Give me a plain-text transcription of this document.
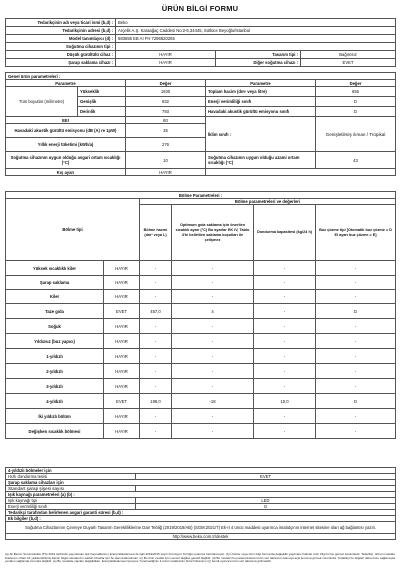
ÜRÜN BİLGİ FORMU
Tedarikçinin adı veya ticari ismi (b,d) :	Beko		
Tedarikçinin adresi (b,d) :	Arçelik A.Ş. Karaağaç Caddesi No:2-6,34445, Sütlüce Beyoğlu/İstanbul		
Model tanımlayıcı (d) :	683655 EB AI FH 7296620265		
Soğutma cihazının tipi :			
Düşük gürültülü cihaz :	HAYIR	Tasarım tipi :	Bağımsız
Şarap saklama cihazı :	HAYIR	Diğer soğutma cihazı :	EVET
Genel ürün parametreleri :				
Parametre		Değer	Parametre	Değer
Tüm boyutlar (milimetre)	Yükseklik	1930	Toplam hacim (dm³ veya litre)	655
	Genişlik	832	Enerji verimliliği sınıfı	D
	Derinlik	793	Havadaki akustik gürültü emisyonu sınıfı	D
EEI		80	İklim sınıfı :	Genişletilmiş ılıman / Tropikal
Havadaki akustik gürültü emisyonu (dB (A) re 1pW)		35		
Yıllık enerji tüketimi (kWh/a)		276		
Soğutma cihazının uygun olduğu asgari ortam sıcaklığı (°C)		10	Soğutma cihazının uygun olduğu azami ortam sıcaklığı (°C)	43
Kış ayarı		HAYIR		
Bölme Parametreleri :					
Bölme tipi		Bölme parametreleri ve değerleri			
		Bölme hacmi (dm³ veya L)	Optimum gıda saklama için önerilen sıcaklık ayarı (°C) Bu ayarlar EK IV, Tablo 3'te belirtilen saklama koşulları ile çelişmez	Dondurma kapasitesi (kg/24 h)	Buz çözme tipi [Otomatik buz çözme = D El ayarı buz çözme = E]
Yüksek sıcaklıklı kiler	HAYIR	-	-	-	-
Şarap saklama	HAYIR	-	-	-	-
Kiler	HAYIR	-	-	-	-
Taze gıda	EVET	457,0	4	-	D
Soğuk	HAYIR	-	-	-	-
Yıldızsız (buz yapıcı)	HAYIR	-	-	-	-
1-yıldızlı	HAYIR	-	-	-	-
2-yıldızlı	HAYIR	-	-	-	-
3-yıldızlı	HAYIR	-	-	-	-
4-yıldızlı	EVET	198,0	-18	10,0	D
İki yıldızlı bölüm	HAYIR	-	-	-	-
Değişken sıcaklık bölmesi	HAYIR	-	-	-	-
4-yıldızlı bölmeler için	
Hızlı dondurma tesisi	EVET
Şarap saklama cihazları için	
Standart şarap şişesi sayısı	
Işık kaynağı parametreleri (a) (b) :	
Işık kaynağı tipi	LED
Enerji verimliliği sınıfı	G
Tedarikçi tarafından belirlenen asgari garanti süresi (b,d) :	
Ek bilgiler (b,d) :	
Soğutma Cihazlarının Çevreye Duyarlı Tasarım Gerekliliklerine Dair Tebliğ (2019/2019/AB) (SGM:2021/7) Ek-II 4 üncü maddesi uyarınca imalatçının internet sitesine olan ağ bağlantısı yazılı.	
http://www.beko.com.tr/destek	
(a) Ali Benim Sorumlulukta (TS) 2019 tarihinde yayımlanan İşık Kaynaklarının Enerji Etiketlemesi ile ilgili 2019/2015 sayılı Komisyon Tüzüğü uyarınca hazırlanmıştır. (b) Ürünler veya ürün bilgi formunda değişiklik yapılması halinde ürün bilgi formu güncel tutulmalıdır. Tedarikçi, ürünü modelde listelenen cihazı bir yetkilendirilmiş kişinin bilgisi olmaksızın satılan cihazlar için bu alan doldurulmaz. (c) Bu ürün modeli için mevcut değilse gerekli değildir. (d) Bu modelin bu parametrelerini ürün veri tabanının kamuya açık kısmına girmek zorunludur. Tedarikçi bu bilgileri daha önce sağlamışsa yeniden sağlamak zorunda değildir. (e) Bu modelde yapılan değişiklikler, Enerji Etiketlemesi Çerçeve Yönetmeliğinin 4 üncü maddesinin birinci fıkrasının (ç) bendi uyarınca ürün veri tabanına girilmelidir.
